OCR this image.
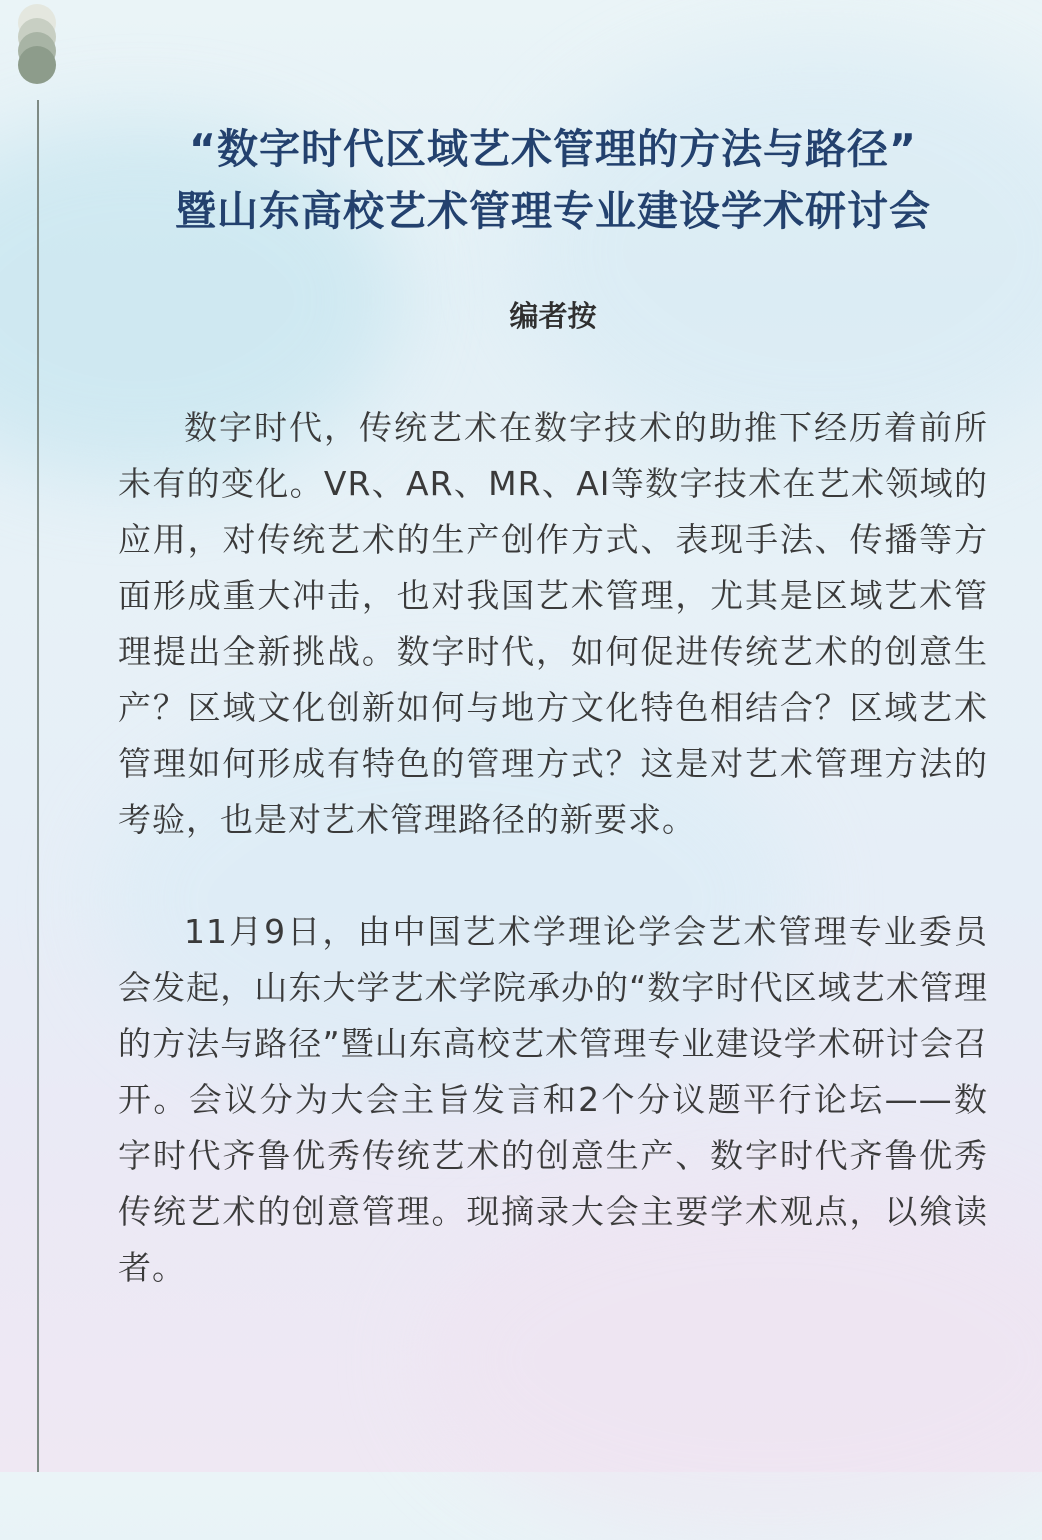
“数字时代区域艺术管理的方法与路径”
暨山东高校艺术管理专业建设学术研讨会
编者按

数字时代，传统艺术在数字技术的助推下经历着前所未有的变化。VR、AR、MR、AI等数字技术在艺术领域的应用，对传统艺术的生产创作方式、表现手法、传播等方面形成重大冲击，也对我国艺术管理，尤其是区域艺术管理提出全新挑战。数字时代，如何促进传统艺术的创意生产？区域文化创新如何与地方文化特色相结合？区域艺术管理如何形成有特色的管理方式？这是对艺术管理方法的考验，也是对艺术管理路径的新要求。

11月9日，由中国艺术学理论学会艺术管理专业委员会发起，山东大学艺术学院承办的“数字时代区域艺术管理的方法与路径”暨山东高校艺术管理专业建设学术研讨会召开。会议分为大会主旨发言和2个分议题平行论坛——数字时代齐鲁优秀传统艺术的创意生产、数字时代齐鲁优秀传统艺术的创意管理。现摘录大会主要学术观点，以飨读者。
